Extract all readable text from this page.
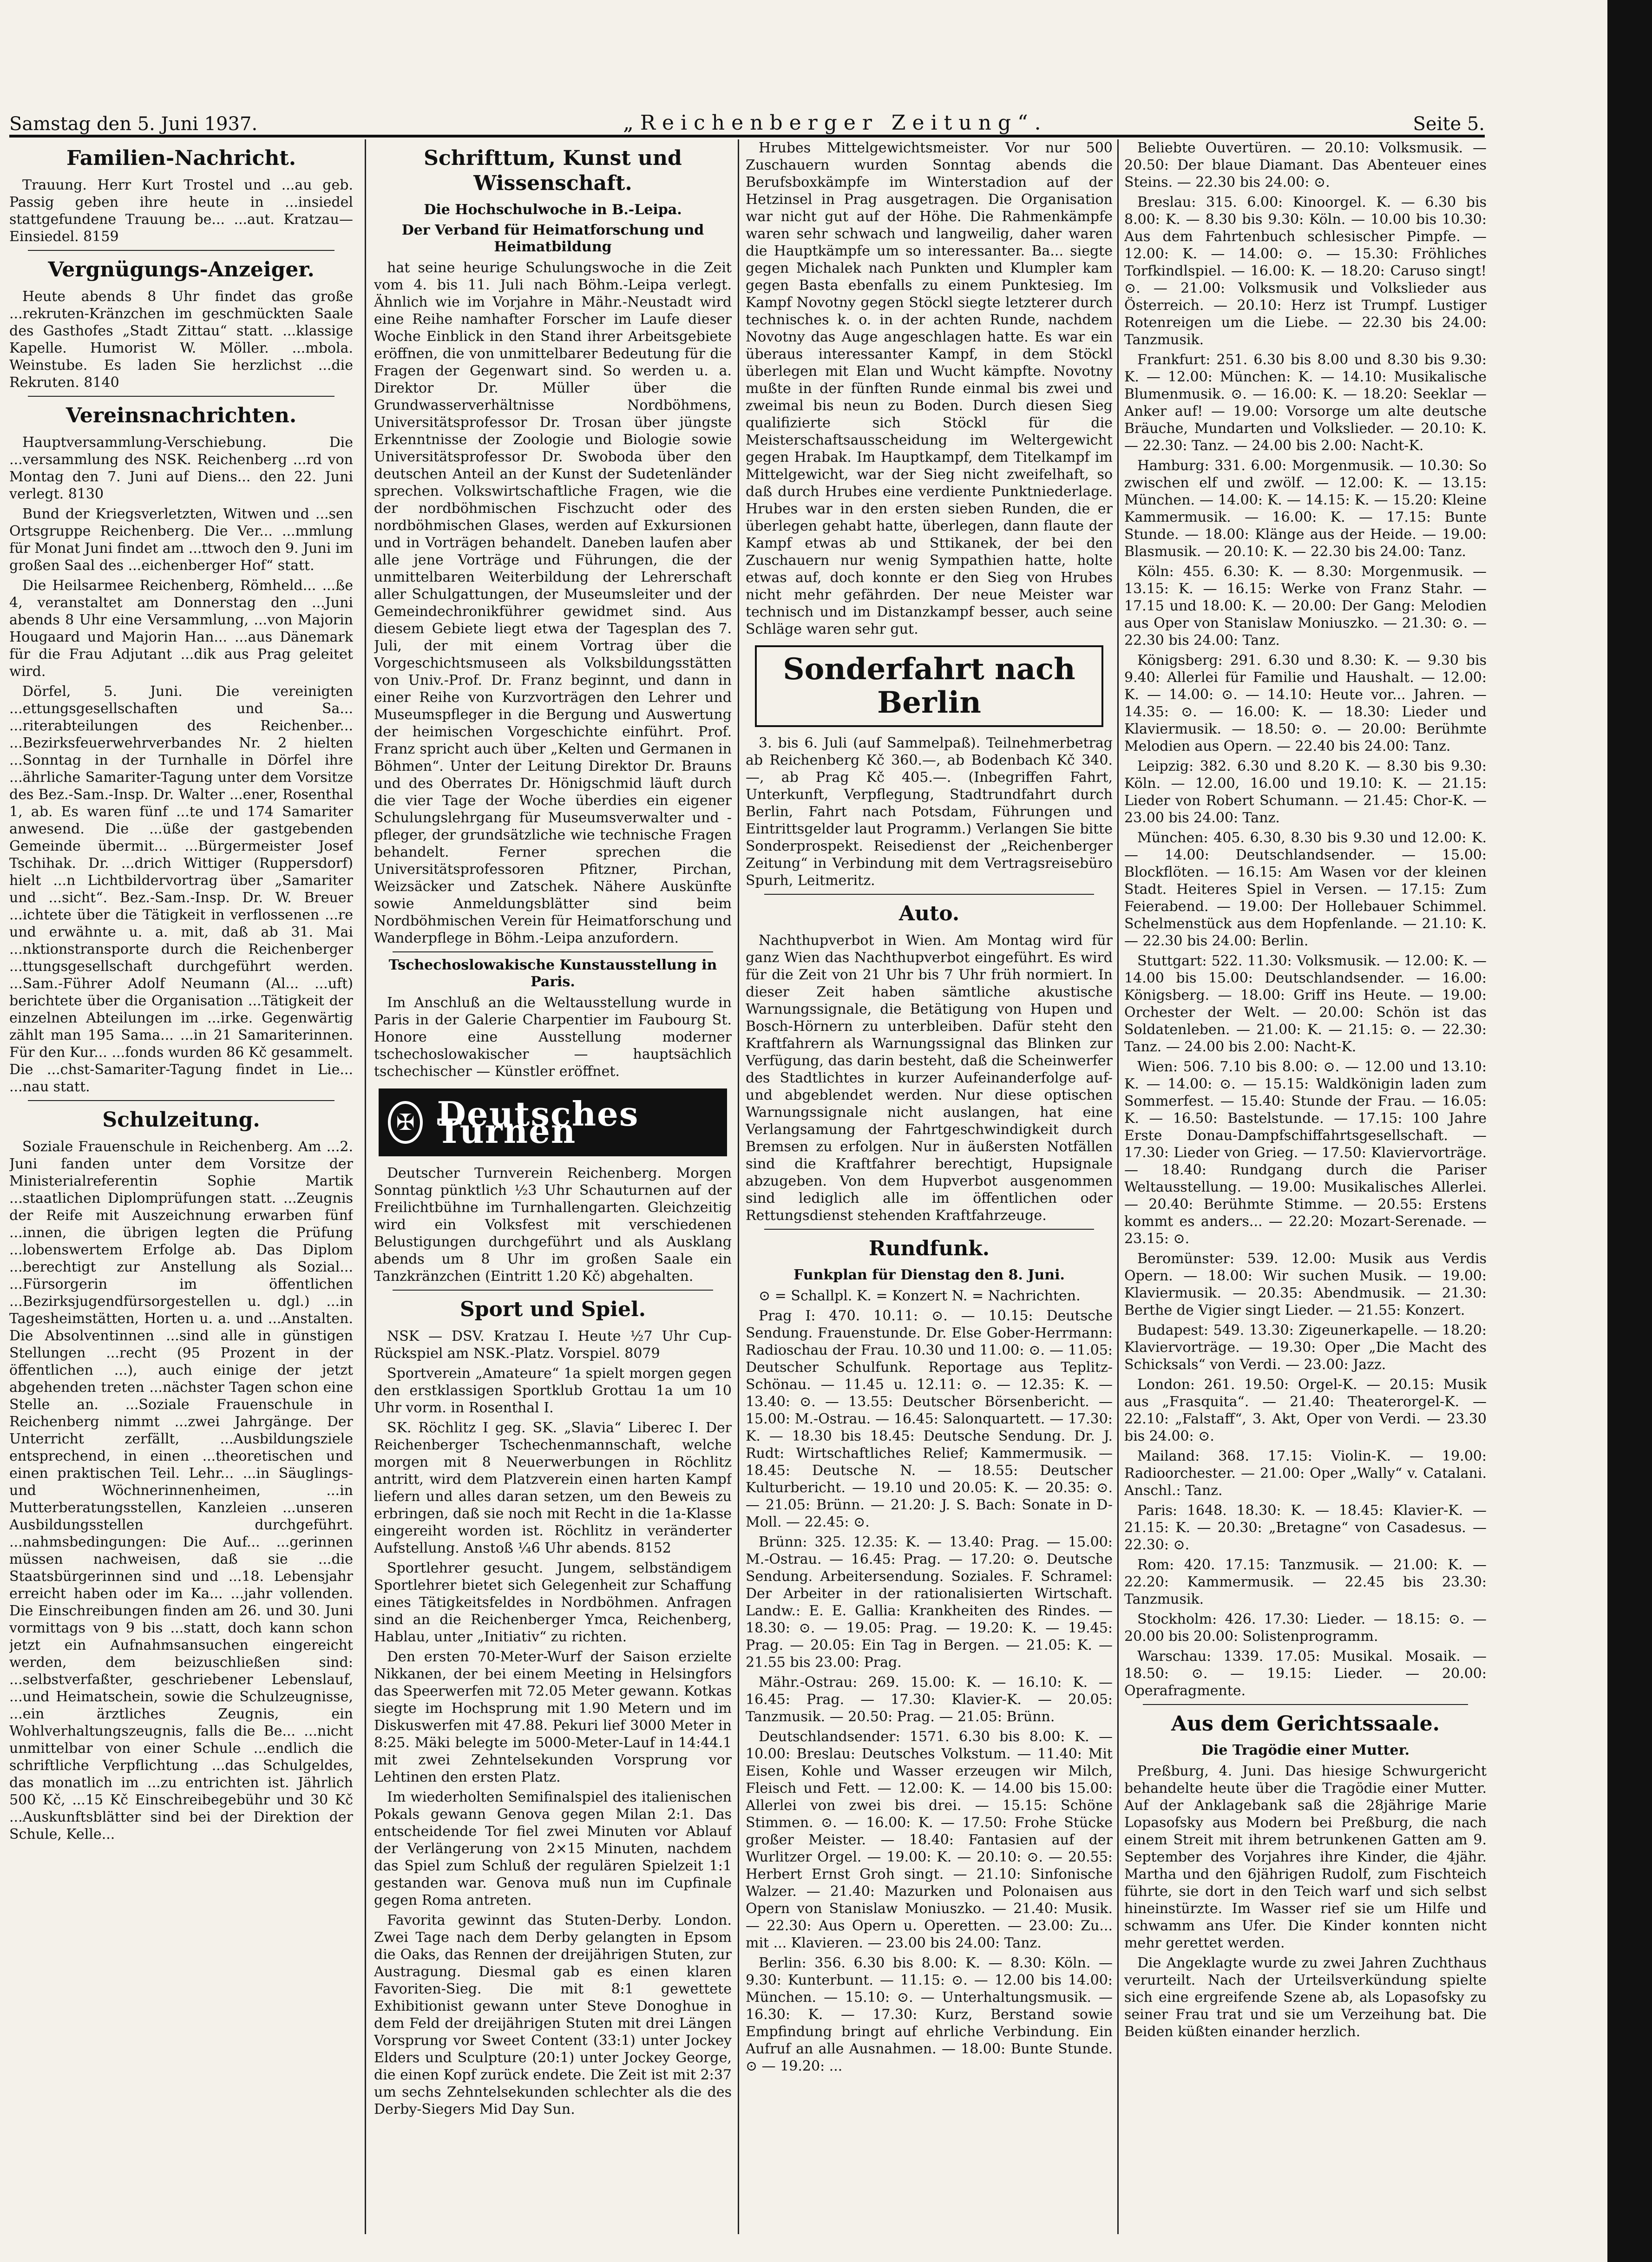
Samstag den 5. Juni 1937.	„Reichenberger Zeitung“.	Seite 5.
Familien-Nachricht.

Trauung. Herr Kurt Trostel und ...au geb. Passig geben ihre heute in ...insiedel stattgefundene Trauung be... ...aut. Kratzau—Einsiedel. 8159

Vergnügungs-Anzeiger.

Heute abends 8 Uhr findet das große ...rekruten-Kränzchen im geschmückten Saale des Gasthofes „Stadt Zittau“ statt. ...klassige Kapelle. Humorist W. Möller. ...mbola. Weinstube. Es laden Sie herzlichst ...die Rekruten. 8140

Vereinsnachrichten.

Hauptversammlung-Verschiebung. Die ...versammlung des NSK. Reichenberg ...rd von Montag den 7. Juni auf Diens... den 22. Juni verlegt. 8130

Bund der Kriegsverletzten, Witwen und ...sen Ortsgruppe Reichenberg. Die Ver... ...mmlung für Monat Juni findet am ...ttwoch den 9. Juni im großen Saal des ...eichenberger Hof“ statt.

Die Heilsarmee Reichenberg, Römheld... ...ße 4, veranstaltet am Donnerstag den ...Juni abends 8 Uhr eine Versammlung, ...von Majorin Hougaard und Majorin Han... ...aus Dänemark für die Frau Adjutant ...dik aus Prag geleitet wird.

Dörfel, 5. Juni. Die vereinigten ...ettungsgesellschaften und Sa... ...riterabteilungen des Reichenber... ...Bezirksfeuerwehrverbandes Nr. 2 hielten ...Sonntag in der Turnhalle in Dörfel ihre ...ährliche Samariter-Tagung unter dem Vorsitze des Bez.-Sam.-Insp. Dr. Walter ...ener, Rosenthal 1, ab. Es waren fünf ...te und 174 Samariter anwesend. Die ...üße der gastgebenden Gemeinde übermit... ...Bürgermeister Josef Tschihak. Dr. ...drich Wittiger (Ruppersdorf) hielt ...n Lichtbildervortrag über „Samariter und ...sicht“. Bez.-Sam.-Insp. Dr. W. Breuer ...ichtete über die Tätigkeit in verflossenen ...re und erwähnte u. a. mit, daß ab 31. Mai ...nktionstransporte durch die Reichenberger ...ttungsgesellschaft durchgeführt werden. ...Sam.-Führer Adolf Neumann (Al... ...uft) berichtete über die Organisation ...Tätigkeit der einzelnen Abteilungen im ...irke. Gegenwärtig zählt man 195 Sama... ...in 21 Samariterinnen. Für den Kur... ...fonds wurden 86 Kč gesammelt. Die ...chst-Samariter-Tagung findet in Lie... ...nau statt.

Schulzeitung.

Soziale Frauenschule in Reichenberg. Am ...2. Juni fanden unter dem Vorsitze der Ministerialreferentin Sophie Martik ...staatlichen Diplomprüfungen statt. ...Zeugnis der Reife mit Auszeichnung erwarben fünf ...innen, die übrigen legten die Prüfung ...lobenswertem Erfolge ab. Das Diplom ...berechtigt zur Anstellung als Sozial... ...Fürsorgerin im öffentlichen ...Bezirksjugendfürsorgestellen u. dgl.) ...in Tagesheimstätten, Horten u. a. und ...Anstalten. Die Absolventinnen ...sind alle in günstigen Stellungen ...recht (95 Prozent in der öffentlichen ...), auch einige der jetzt abgehenden treten ...nächster Tagen schon eine Stelle an. ...Soziale Frauenschule in Reichenberg nimmt ...zwei Jahrgänge. Der Unterricht zerfällt, ...Ausbildungsziele entsprechend, in einen ...theoretischen und einen praktischen Teil. Lehr... ...in Säuglings- und Wöchnerinnenheimen, ...in Mutterberatungsstellen, Kanzleien ...unseren Ausbildungsstellen durchgeführt. ...nahmsbedingungen: Die Auf... ...gerinnen müssen nachweisen, daß sie ...die Staatsbürgerinnen sind und ...18. Lebensjahr erreicht haben oder im Ka... ...jahr vollenden. Die Einschreibungen finden am 26. und 30. Juni vormittags von 9 bis ...statt, doch kann schon jetzt ein Aufnahmsansuchen eingereicht werden, dem beizuschließen sind: ...selbstverfaßter, geschriebener Lebenslauf, ...und Heimatschein, sowie die Schulzeugnisse, ...ein ärztliches Zeugnis, ein Wohlverhaltungszeugnis, falls die Be... ...nicht unmittelbar von einer Schule ...endlich die schriftliche Verpflichtung ...das Schulgeldes, das monatlich im ...zu entrichten ist. Jährlich 500 Kč, ...15 Kč Einschreibegebühr und 30 Kč ...Auskunftsblätter sind bei der Direktion der Schule, Kelle...

Schrifttum, Kunst und Wissenschaft.
Die Hochschulwoche in B.-Leipa.
Der Verband für Heimatforschung und Heimatbildung

hat seine heurige Schulungswoche in die Zeit vom 4. bis 11. Juli nach Böhm.-Leipa verlegt. Ähnlich wie im Vorjahre in Mähr.-Neustadt wird eine Reihe namhafter Forscher im Laufe dieser Woche Einblick in den Stand ihrer Arbeitsgebiete eröffnen, die von unmittelbarer Bedeutung für die Fragen der Gegenwart sind. So werden u. a. Direktor Dr. Müller über die Grundwasserverhältnisse Nordböhmens, Universitätsprofessor Dr. Trosan über jüngste Erkenntnisse der Zoologie und Biologie sowie Universitätsprofessor Dr. Swoboda über den deutschen Anteil an der Kunst der Sudetenländer sprechen. Volkswirtschaftliche Fragen, wie die der nordböhmischen Fischzucht oder des nordböhmischen Glases, werden auf Exkursionen und in Vorträgen behandelt. Daneben laufen aber alle jene Vorträge und Führungen, die der unmittelbaren Weiterbildung der Lehrerschaft aller Schulgattungen, der Museumsleiter und der Gemeindechronikführer gewidmet sind. Aus diesem Gebiete liegt etwa der Tagesplan des 7. Juli, der mit einem Vortrag über die Vorgeschichtsmuseen als Volksbildungsstätten von Univ.-Prof. Dr. Franz beginnt, und dann in einer Reihe von Kurzvorträgen den Lehrer und Museumspfleger in die Bergung und Auswertung der heimischen Vorgeschichte einführt. Prof. Franz spricht auch über „Kelten und Germanen in Böhmen“. Unter der Leitung Direktor Dr. Brauns und des Oberrates Dr. Hönigschmid läuft durch die vier Tage der Woche überdies ein eigener Schulungslehrgang für Museumsverwalter und -pfleger, der grundsätzliche wie technische Fragen behandelt. Ferner sprechen die Universitätsprofessoren Pfitzner, Pirchan, Weizsäcker und Zatschek. Nähere Auskünfte sowie Anmeldungsblätter sind beim Nordböhmischen Verein für Heimatforschung und Wanderpflege in Böhm.-Leipa anzufordern.

Tschechoslowakische Kunstausstellung in Paris.

Im Anschluß an die Weltausstellung wurde in Paris in der Galerie Charpentier im Faubourg St. Honore eine Ausstellung moderner tschechoslowakischer — hauptsächlich tschechischer — Künstler eröffnet.

✠ Deutsches Turnen

Deutscher Turnverein Reichenberg. Morgen Sonntag pünktlich ½3 Uhr Schauturnen auf der Freilichtbühne im Turnhallengarten. Gleichzeitig wird ein Volksfest mit verschiedenen Belustigungen durchgeführt und als Ausklang abends um 8 Uhr im großen Saale ein Tanzkränzchen (Eintritt 1.20 Kč) abgehalten.

Sport und Spiel.

NSK — DSV. Kratzau I. Heute ½7 Uhr Cup-Rückspiel am NSK.-Platz. Vorspiel. 8079

Sportverein „Amateure“ 1a spielt morgen gegen den erstklassigen Sportklub Grottau 1a um 10 Uhr vorm. in Rosenthal I.

SK. Röchlitz I geg. SK. „Slavia“ Liberec I. Der Reichenberger Tschechenmannschaft, welche morgen mit 8 Neuerwerbungen in Röchlitz antritt, wird dem Platzverein einen harten Kampf liefern und alles daran setzen, um den Beweis zu erbringen, daß sie noch mit Recht in die 1a-Klasse eingereiht worden ist. Röchlitz in veränderter Aufstellung. Anstoß ¼6 Uhr abends. 8152

Sportlehrer gesucht. Jungem, selbständigem Sportlehrer bietet sich Gelegenheit zur Schaffung eines Tätigkeitsfeldes in Nordböhmen. Anfragen sind an die Reichenberger Ymca, Reichenberg, Hablau, unter „Initiativ“ zu richten.

Den ersten 70-Meter-Wurf der Saison erzielte Nikkanen, der bei einem Meeting in Helsingfors das Speerwerfen mit 72.05 Meter gewann. Kotkas siegte im Hochsprung mit 1.90 Metern und im Diskuswerfen mit 47.88. Pekuri lief 3000 Meter in 8:25. Mäki belegte im 5000-Meter-Lauf in 14:44.1 mit zwei Zehntelsekunden Vorsprung vor Lehtinen den ersten Platz.

Im wiederholten Semifinalspiel des italienischen Pokals gewann Genova gegen Milan 2:1. Das entscheidende Tor fiel zwei Minuten vor Ablauf der Verlängerung von 2×15 Minuten, nachdem das Spiel zum Schluß der regulären Spielzeit 1:1 gestanden war. Genova muß nun im Cupfinale gegen Roma antreten.

Favorita gewinnt das Stuten-Derby. London. Zwei Tage nach dem Derby gelangten in Epsom die Oaks, das Rennen der dreijährigen Stuten, zur Austragung. Diesmal gab es einen klaren Favoriten-Sieg. Die mit 8:1 gewettete Exhibitionist gewann unter Steve Donoghue in dem Feld der dreijährigen Stuten mit drei Längen Vorsprung vor Sweet Content (33:1) unter Jockey Elders und Sculpture (20:1) unter Jockey George, die einen Kopf zurück endete. Die Zeit ist mit 2:37 um sechs Zehntelsekunden schlechter als die des Derby-Siegers Mid Day Sun.

Hrubes Mittelgewichtsmeister. Vor nur 500 Zuschauern wurden Sonntag abends die Berufsboxkämpfe im Winterstadion auf der Hetzinsel in Prag ausgetragen. Die Organisation war nicht gut auf der Höhe. Die Rahmenkämpfe waren sehr schwach und langweilig, daher waren die Hauptkämpfe um so interessanter. Ba... siegte gegen Michalek nach Punkten und Klumpler kam gegen Basta ebenfalls zu einem Punktesieg. Im Kampf Novotny gegen Stöckl siegte letzterer durch technisches k. o. in der achten Runde, nachdem Novotny das Auge angeschlagen hatte. Es war ein überaus interessanter Kampf, in dem Stöckl überlegen mit Elan und Wucht kämpfte. Novotny mußte in der fünften Runde einmal bis zwei und zweimal bis neun zu Boden. Durch diesen Sieg qualifizierte sich Stöckl für die Meisterschaftsausscheidung im Weltergewicht gegen Hrabak. Im Hauptkampf, dem Titelkampf im Mittelgewicht, war der Sieg nicht zweifelhaft, so daß durch Hrubes eine verdiente Punktniederlage. Hrubes war in den ersten sieben Runden, die er überlegen gehabt hatte, überlegen, dann flaute der Kampf etwas ab und Sttikanek, der bei den Zuschauern nur wenig Sympathien hatte, holte etwas auf, doch konnte er den Sieg von Hrubes nicht mehr gefährden. Der neue Meister war technisch und im Distanzkampf besser, auch seine Schläge waren sehr gut.

Sonderfahrt nach Berlin

3. bis 6. Juli (auf Sammelpaß). Teilnehmerbetrag ab Reichenberg Kč 360.—, ab Bodenbach Kč 340.—, ab Prag Kč 405.—. (Inbegriffen Fahrt, Unterkunft, Verpflegung, Stadtrundfahrt durch Berlin, Fahrt nach Potsdam, Führungen und Eintrittsgelder laut Programm.) Verlangen Sie bitte Sonderprospekt. Reisedienst der „Reichenberger Zeitung“ in Verbindung mit dem Vertragsreisebüro Spurh, Leitmeritz.

Auto.

Nachthupverbot in Wien. Am Montag wird für ganz Wien das Nachthupverbot eingeführt. Es wird für die Zeit von 21 Uhr bis 7 Uhr früh normiert. In dieser Zeit haben sämtliche akustische Warnungssignale, die Betätigung von Hupen und Bosch-Hörnern zu unterbleiben. Dafür steht den Kraftfahrern als Warnungssignal das Blinken zur Verfügung, das darin besteht, daß die Scheinwerfer des Stadtlichtes in kurzer Aufeinanderfolge auf- und abgeblendet werden. Nur diese optischen Warnungssignale nicht auslangen, hat eine Verlangsamung der Fahrtgeschwindigkeit durch Bremsen zu erfolgen. Nur in äußersten Notfällen sind die Kraftfahrer berechtigt, Hupsignale abzugeben. Von dem Hupverbot ausgenommen sind lediglich alle im öffentlichen oder Rettungsdienst stehenden Kraftfahrzeuge.

Rundfunk.
Funkplan für Dienstag den 8. Juni.

⊙ = Schallpl. K. = Konzert N. = Nachrichten.

Prag I: 470. 10.11: ⊙. — 10.15: Deutsche Sendung. Frauenstunde. Dr. Else Gober-Herrmann: Radioschau der Frau. 10.30 und 11.00: ⊙. — 11.05: Deutscher Schulfunk. Reportage aus Teplitz-Schönau. — 11.45 u. 12.11: ⊙. — 12.35: K. — 13.40: ⊙. — 13.55: Deutscher Börsenbericht. — 15.00: M.-Ostrau. — 16.45: Salonquartett. — 17.30: K. — 18.30 bis 18.45: Deutsche Sendung. Dr. J. Rudt: Wirtschaftliches Relief; Kammermusik. — 18.45: Deutsche N. — 18.55: Deutscher Kulturbericht. — 19.10 und 20.05: K. — 20.35: ⊙. — 21.05: Brünn. — 21.20: J. S. Bach: Sonate in D-Moll. — 22.45: ⊙.

Brünn: 325. 12.35: K. — 13.40: Prag. — 15.00: M.-Ostrau. — 16.45: Prag. — 17.20: ⊙. Deutsche Sendung. Arbeitersendung. Soziales. F. Schramel: Der Arbeiter in der rationalisierten Wirtschaft. Landw.: E. E. Gallia: Krankheiten des Rindes. — 18.30: ⊙. — 19.05: Prag. — 19.20: K. — 19.45: Prag. — 20.05: Ein Tag in Bergen. — 21.05: K. — 21.55 bis 23.00: Prag.

Mähr.-Ostrau: 269. 15.00: K. — 16.10: K. — 16.45: Prag. — 17.30: Klavier-K. — 20.05: Tanzmusik. — 20.50: Prag. — 21.05: Brünn.

Deutschlandsender: 1571. 6.30 bis 8.00: K. — 10.00: Breslau: Deutsches Volkstum. — 11.40: Mit Eisen, Kohle und Wasser erzeugen wir Milch, Fleisch und Fett. — 12.00: K. — 14.00 bis 15.00: Allerlei von zwei bis drei. — 15.15: Schöne Stimmen. ⊙. — 16.00: K. — 17.50: Frohe Stücke großer Meister. — 18.40: Fantasien auf der Wurlitzer Orgel. — 19.00: K. — 20.10: ⊙. — 20.55: Herbert Ernst Groh singt. — 21.10: Sinfonische Walzer. — 21.40: Mazurken und Polonaisen aus Opern von Stanislaw Moniuszko. — 21.40: Musik. — 22.30: Aus Opern u. Operetten. — 23.00: Zu... mit ... Klavieren. — 23.00 bis 24.00: Tanz.

Berlin: 356. 6.30 bis 8.00: K. — 8.30: Köln. — 9.30: Kunterbunt. — 11.15: ⊙. — 12.00 bis 14.00: München. — 15.10: ⊙. — Unterhaltungsmusik. — 16.30: K. — 17.30: Kurz, Berstand sowie Empfindung bringt auf ehrliche Verbindung. Ein Aufruf an alle Ausnahmen. — 18.00: Bunte Stunde. ⊙ — 19.20: ...

Beliebte Ouvertüren. — 20.10: Volksmusik. — 20.50: Der blaue Diamant. Das Abenteuer eines Steins. — 22.30 bis 24.00: ⊙.

Breslau: 315. 6.00: Kinoorgel. K. — 6.30 bis 8.00: K. — 8.30 bis 9.30: Köln. — 10.00 bis 10.30: Aus dem Fahrtenbuch schlesischer Pimpfe. — 12.00: K. — 14.00: ⊙. — 15.30: Fröhliches Torfkindlspiel. — 16.00: K. — 18.20: Caruso singt! ⊙. — 21.00: Volksmusik und Volkslieder aus Österreich. — 20.10: Herz ist Trumpf. Lustiger Rotenreigen um die Liebe. — 22.30 bis 24.00: Tanzmusik.

Frankfurt: 251. 6.30 bis 8.00 und 8.30 bis 9.30: K. — 12.00: München: K. — 14.10: Musikalische Blumenmusik. ⊙. — 16.00: K. — 18.20: Seeklar — Anker auf! — 19.00: Vorsorge um alte deutsche Bräuche, Mundarten und Volkslieder. — 20.10: K. — 22.30: Tanz. — 24.00 bis 2.00: Nacht-K.

Hamburg: 331. 6.00: Morgenmusik. — 10.30: So zwischen elf und zwölf. — 12.00: K. — 13.15: München. — 14.00: K. — 14.15: K. — 15.20: Kleine Kammermusik. — 16.00: K. — 17.15: Bunte Stunde. — 18.00: Klänge aus der Heide. — 19.00: Blasmusik. — 20.10: K. — 22.30 bis 24.00: Tanz.

Köln: 455. 6.30: K. — 8.30: Morgenmusik. — 13.15: K. — 16.15: Werke von Franz Stahr. — 17.15 und 18.00: K. — 20.00: Der Gang: Melodien aus Oper von Stanislaw Moniuszko. — 21.30: ⊙. — 22.30 bis 24.00: Tanz.

Königsberg: 291. 6.30 und 8.30: K. — 9.30 bis 9.40: Allerlei für Familie und Haushalt. — 12.00: K. — 14.00: ⊙. — 14.10: Heute vor... Jahren. — 14.35: ⊙. — 16.00: K. — 18.30: Lieder und Klaviermusik. — 18.50: ⊙. — 20.00: Berühmte Melodien aus Opern. — 22.40 bis 24.00: Tanz.

Leipzig: 382. 6.30 und 8.20 K. — 8.30 bis 9.30: Köln. — 12.00, 16.00 und 19.10: K. — 21.15: Lieder von Robert Schumann. — 21.45: Chor-K. — 23.00 bis 24.00: Tanz.

München: 405. 6.30, 8.30 bis 9.30 und 12.00: K. — 14.00: Deutschlandsender. — 15.00: Blockflöten. — 16.15: Am Wasen vor der kleinen Stadt. Heiteres Spiel in Versen. — 17.15: Zum Feierabend. — 19.00: Der Hollebauer Schimmel. Schelmenstück aus dem Hopfenlande. — 21.10: K. — 22.30 bis 24.00: Berlin.

Stuttgart: 522. 11.30: Volksmusik. — 12.00: K. — 14.00 bis 15.00: Deutschlandsender. — 16.00: Königsberg. — 18.00: Griff ins Heute. — 19.00: Orchester der Welt. — 20.00: Schön ist das Soldatenleben. — 21.00: K. — 21.15: ⊙. — 22.30: Tanz. — 24.00 bis 2.00: Nacht-K.

Wien: 506. 7.10 bis 8.00: ⊙. — 12.00 und 13.10: K. — 14.00: ⊙. — 15.15: Waldkönigin laden zum Sommerfest. — 15.40: Stunde der Frau. — 16.05: K. — 16.50: Bastelstunde. — 17.15: 100 Jahre Erste Donau-Dampfschiffahrtsgesellschaft. — 17.30: Lieder von Grieg. — 17.50: Klaviervorträge. — 18.40: Rundgang durch die Pariser Weltausstellung. — 19.00: Musikalisches Allerlei. — 20.40: Berühmte Stimme. — 20.55: Erstens kommt es anders... — 22.20: Mozart-Serenade. — 23.15: ⊙.

Beromünster: 539. 12.00: Musik aus Verdis Opern. — 18.00: Wir suchen Musik. — 19.00: Klaviermusik. — 20.35: Abendmusik. — 21.30: Berthe de Vigier singt Lieder. — 21.55: Konzert.

Budapest: 549. 13.30: Zigeunerkapelle. — 18.20: Klaviervorträge. — 19.30: Oper „Die Macht des Schicksals“ von Verdi. — 23.00: Jazz.

London: 261. 19.50: Orgel-K. — 20.15: Musik aus „Frasquita“. — 21.40: Theaterorgel-K. — 22.10: „Falstaff“, 3. Akt, Oper von Verdi. — 23.30 bis 24.00: ⊙.

Mailand: 368. 17.15: Violin-K. — 19.00: Radioorchester. — 21.00: Oper „Wally“ v. Catalani. Anschl.: Tanz.

Paris: 1648. 18.30: K. — 18.45: Klavier-K. — 21.15: K. — 20.30: „Bretagne“ von Casadesus. — 22.30: ⊙.

Rom: 420. 17.15: Tanzmusik. — 21.00: K. — 22.20: Kammermusik. — 22.45 bis 23.30: Tanzmusik.

Stockholm: 426. 17.30: Lieder. — 18.15: ⊙. — 20.00 bis 20.00: Solistenprogramm.

Warschau: 1339. 17.05: Musikal. Mosaik. — 18.50: ⊙. — 19.15: Lieder. — 20.00: Operafragmente.

Aus dem Gerichtssaale.
Die Tragödie einer Mutter.

Preßburg, 4. Juni. Das hiesige Schwurgericht behandelte heute über die Tragödie einer Mutter. Auf der Anklagebank saß die 28jährige Marie Lopasofsky aus Modern bei Preßburg, die nach einem Streit mit ihrem betrunkenen Gatten am 9. September des Vorjahres ihre Kinder, die 4jähr. Martha und den 6jährigen Rudolf, zum Fischteich führte, sie dort in den Teich warf und sich selbst hineinstürzte. Im Wasser rief sie um Hilfe und schwamm ans Ufer. Die Kinder konnten nicht mehr gerettet werden.

Die Angeklagte wurde zu zwei Jahren Zuchthaus verurteilt. Nach der Urteilsverkündung spielte sich eine ergreifende Szene ab, als Lopasofsky zu seiner Frau trat und sie um Verzeihung bat. Die Beiden küßten einander herzlich.
